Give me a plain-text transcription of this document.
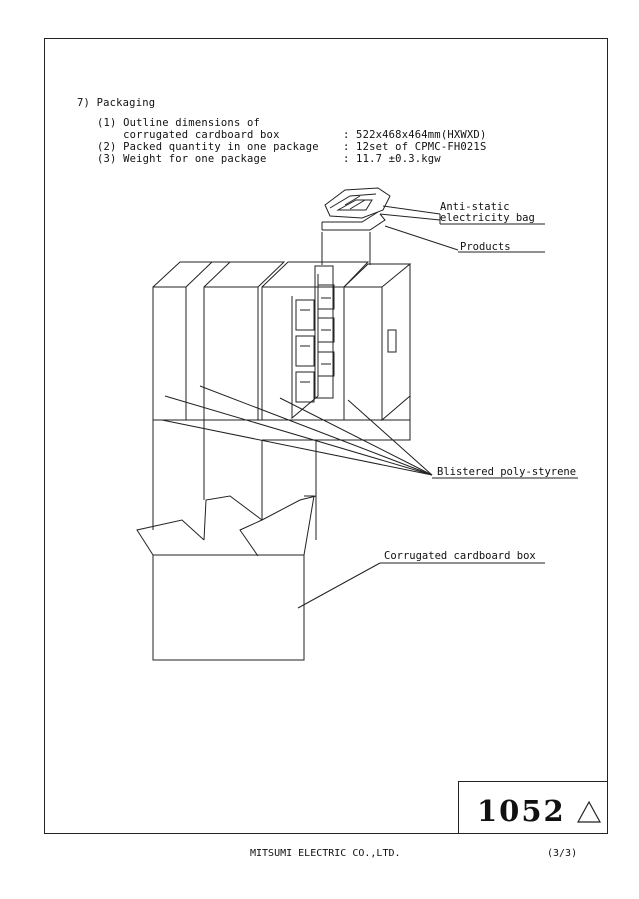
7) Packaging
(1) Outline dimensions of
corrugated cardboard box	: 522x468x464mm(HXWXD)
(2) Packed quantity in one package : 12set of CPMC-FH021S
(3) Weight for one package	: 11.7 ±0.3.kgw
Anti-static
electricity bag
Products
Blistered poly-styrene
Corrugated cardboard box
1052
MITSUMI ELECTRIC CO.,LTD.	(3/3)
